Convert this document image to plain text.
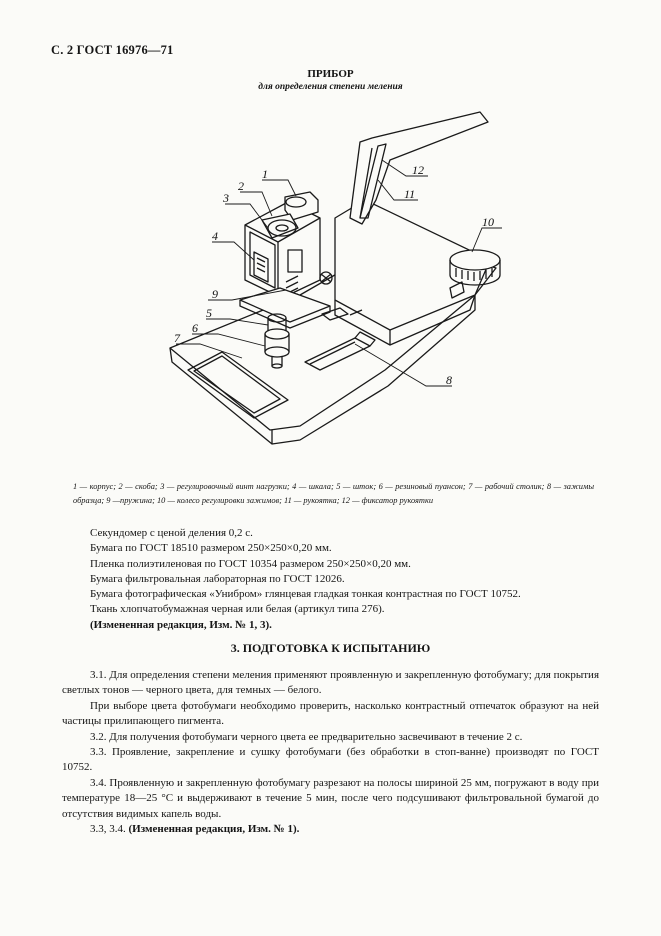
С. 2 ГОСТ 16976—71
ПРИБОР
для определения степени меления
1
2
3
4
5
6
7
8
9
10
11
12
1 — корпус; 2 — скоба; 3 — регулировочный винт нагрузки; 4 — шкала; 5 — шток; 6 — резиновый пуансон; 7 — рабочий столик; 8 — зажимы образца; 9 —пружина; 10 — колесо регулировки зажимов; 11 — рукоятка; 12 — фиксатор рукоятки
Секундомер с ценой деления 0,2 с.
Бумага по ГОСТ 18510 размером 250×250×0,20 мм.
Пленка полиэтиленовая по ГОСТ 10354 размером 250×250×0,20 мм.
Бумага фильтровальная лабораторная по ГОСТ 12026.
Бумага фотографическая «Унибром» глянцевая гладкая тонкая контрастная по ГОСТ 10752.
Ткань хлопчатобумажная черная или белая (артикул типа 276).
(Измененная редакция, Изм. № 1, 3).
3. ПОДГОТОВКА К ИСПЫТАНИЮ

3.1. Для определения степени меления применяют проявленную и закрепленную фотобумагу; для покрытия светлых тонов — черного цвета, для темных — белого.

При выборе цвета фотобумаги необходимо проверить, насколько контрастный отпечаток образуют на ней частицы прилипающего пигмента.

3.2. Для получения фотобумаги черного цвета ее предварительно засвечивают в течение 2 с.

3.3. Проявление, закрепление и сушку фотобумаги (без обработки в стоп-ванне) производят по ГОСТ 10752.

3.4. Проявленную и закрепленную фотобумагу разрезают на полосы шириной 25 мм, погружают в воду при температуре 18—25 °С и выдерживают в течение 5 мин, после чего подсушивают фильтровальной бумагой до отсутствия видимых капель воды.

3.3, 3.4. (Измененная редакция, Изм. № 1).
